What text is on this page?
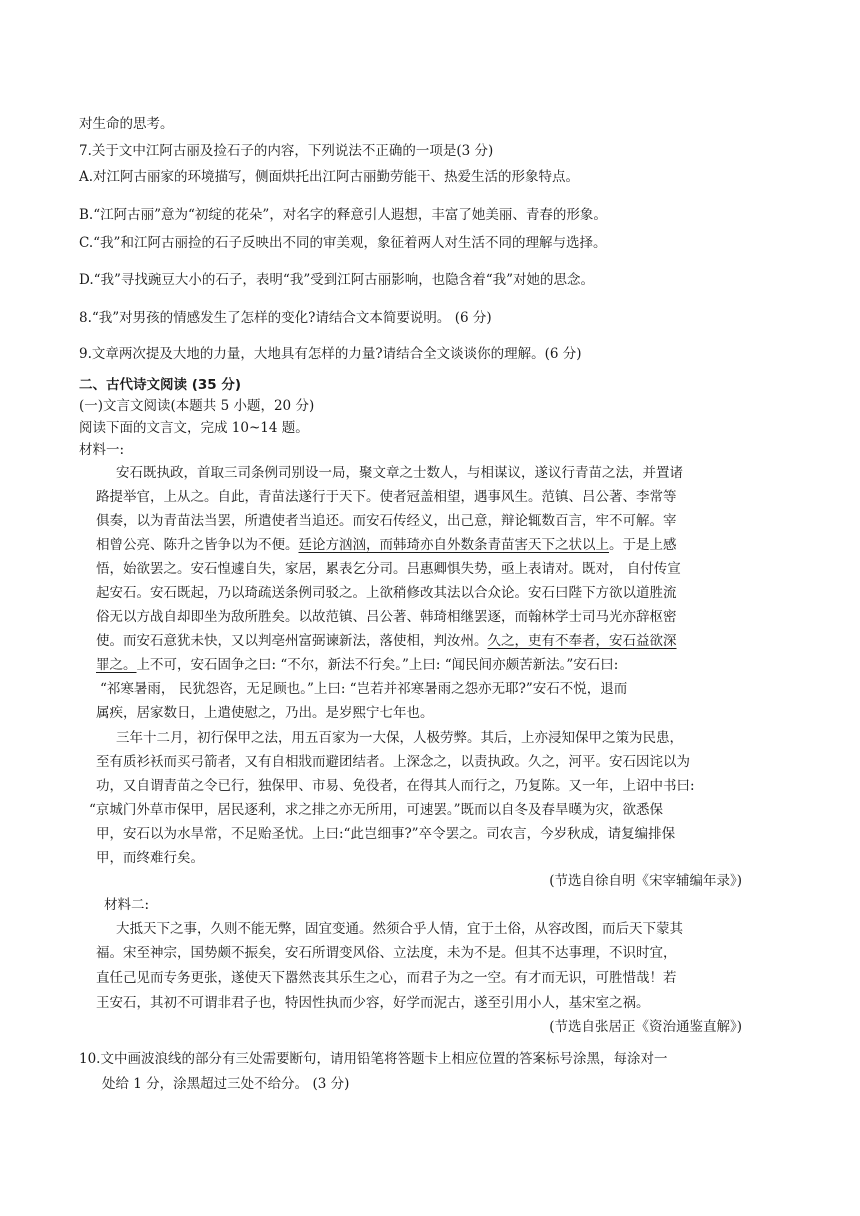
对生命的思考。
7.关于文中江阿古丽及捡石子的内容，下列说法不正确的一项是(3 分)
A.对江阿古丽家的环境描写，侧面烘托出江阿古丽勤劳能干、热爱生活的形象特点。
B.“江阿古丽”意为“初绽的花朵”，对名字的释意引人遐想，丰富了她美丽、青春的形象。
C.“我”和江阿古丽捡的石子反映出不同的审美观，象征着两人对生活不同的理解与选择。
D.“我”寻找豌豆大小的石子，表明“我”受到江阿古丽影响，也隐含着“我”对她的思念。
8.“我”对男孩的情感发生了怎样的变化?请结合文本简要说明。 (6 分)
9.文章两次提及大地的力量，大地具有怎样的力量?请结合全文谈谈你的理解。(6 分)
二、古代诗文阅读 (35 分)
(一)文言文阅读(本题共 5 小题，20 分)
阅读下面的文言文，完成 10~14 题。
材料一:
安石既执政，首取三司条例司别设一局，聚文章之士数人，与相谋议，遂议行青苗之法，并置诸
路提举官，上从之。自此，青苗法遂行于天下。使者冠盖相望，遇事风生。范镇、吕公著、李常等
俱奏，以为青苗法当罢，所遣使者当追还。而安石传经义，出己意，辩论辄数百言，牢不可解。宰
相曾公亮、陈升之皆争以为不便。廷论方汹汹，而韩琦亦自外数条青苗害天下之状以上。于是上感
悟，始欲罢之。安石惶遽自失，家居，累表乞分司。吕惠卿惧失势，亟上表请对。既对， 自付传宣
起安石。安石既起，乃以琦疏送条例司驳之。上欲稍修改其法以合众论。安石曰陛下方欲以道胜流
俗无以方战自却即坐为敌所胜矣。以故范镇、吕公著、韩琦相继罢逐，而翰林学士司马光亦辞枢密
使。而安石意犹未快，又以判亳州富弼谏新法，落使相，判汝州。久之，吏有不奉者，安石益欲深
罪之。上不可，安石固争之曰: “不尔，新法不行矣。”上曰: “闻民间亦颇苦新法。”安石曰:
“祁寒暑雨， 民犹怨咨，无足顾也。”上曰: “岂若并祁寒暑雨之怨亦无耶?”安石不悦，退而
属疾，居家数日，上遣使慰之，乃出。是岁熙宁七年也。
三年十二月，初行保甲之法，用五百家为一大保，人极劳弊。其后，上亦浸知保甲之策为民患，
至有质衫袄而买弓箭者，又有自相戕而避团结者。上深念之，以责执政。久之，河平。安石因诧以为
功，又自谓青苗之令已行，独保甲、市易、免役者，在得其人而行之，乃复陈。又一年，上诏中书曰:
“京城门外草市保甲，居民逐利，求之排之亦无所用，可速罢。”既而以自冬及春旱暵为灾，欲悉保
甲，安石以为水旱常，不足贻圣忧。上曰:“此岂细事?”卒令罢之。司农言，今岁秋成，请复编排保
甲，而终难行矣。
(节选自徐自明《宋宰辅编年录》)
材料二:
大抵天下之事，久则不能无弊，固宜变通。然须合乎人情，宜于土俗，从容改图，而后天下蒙其
福。宋至神宗，国势颇不振矣，安石所谓变风俗、立法度，未为不是。但其不达事理，不识时宜，
直任己见而专务更张，遂使天下嚣然丧其乐生之心，而君子为之一空。有才而无识，可胜惜哉！若
王安石，其初不可谓非君子也，特因性执而少容，好学而泥古，遂至引用小人，基宋室之祸。
(节选自张居正《资治通鉴直解》)
10.文中画波浪线的部分有三处需要断句，请用铅笔将答题卡上相应位置的答案标号涂黑，每涂对一
处给 1 分，涂黑超过三处不给分。 (3 分)
